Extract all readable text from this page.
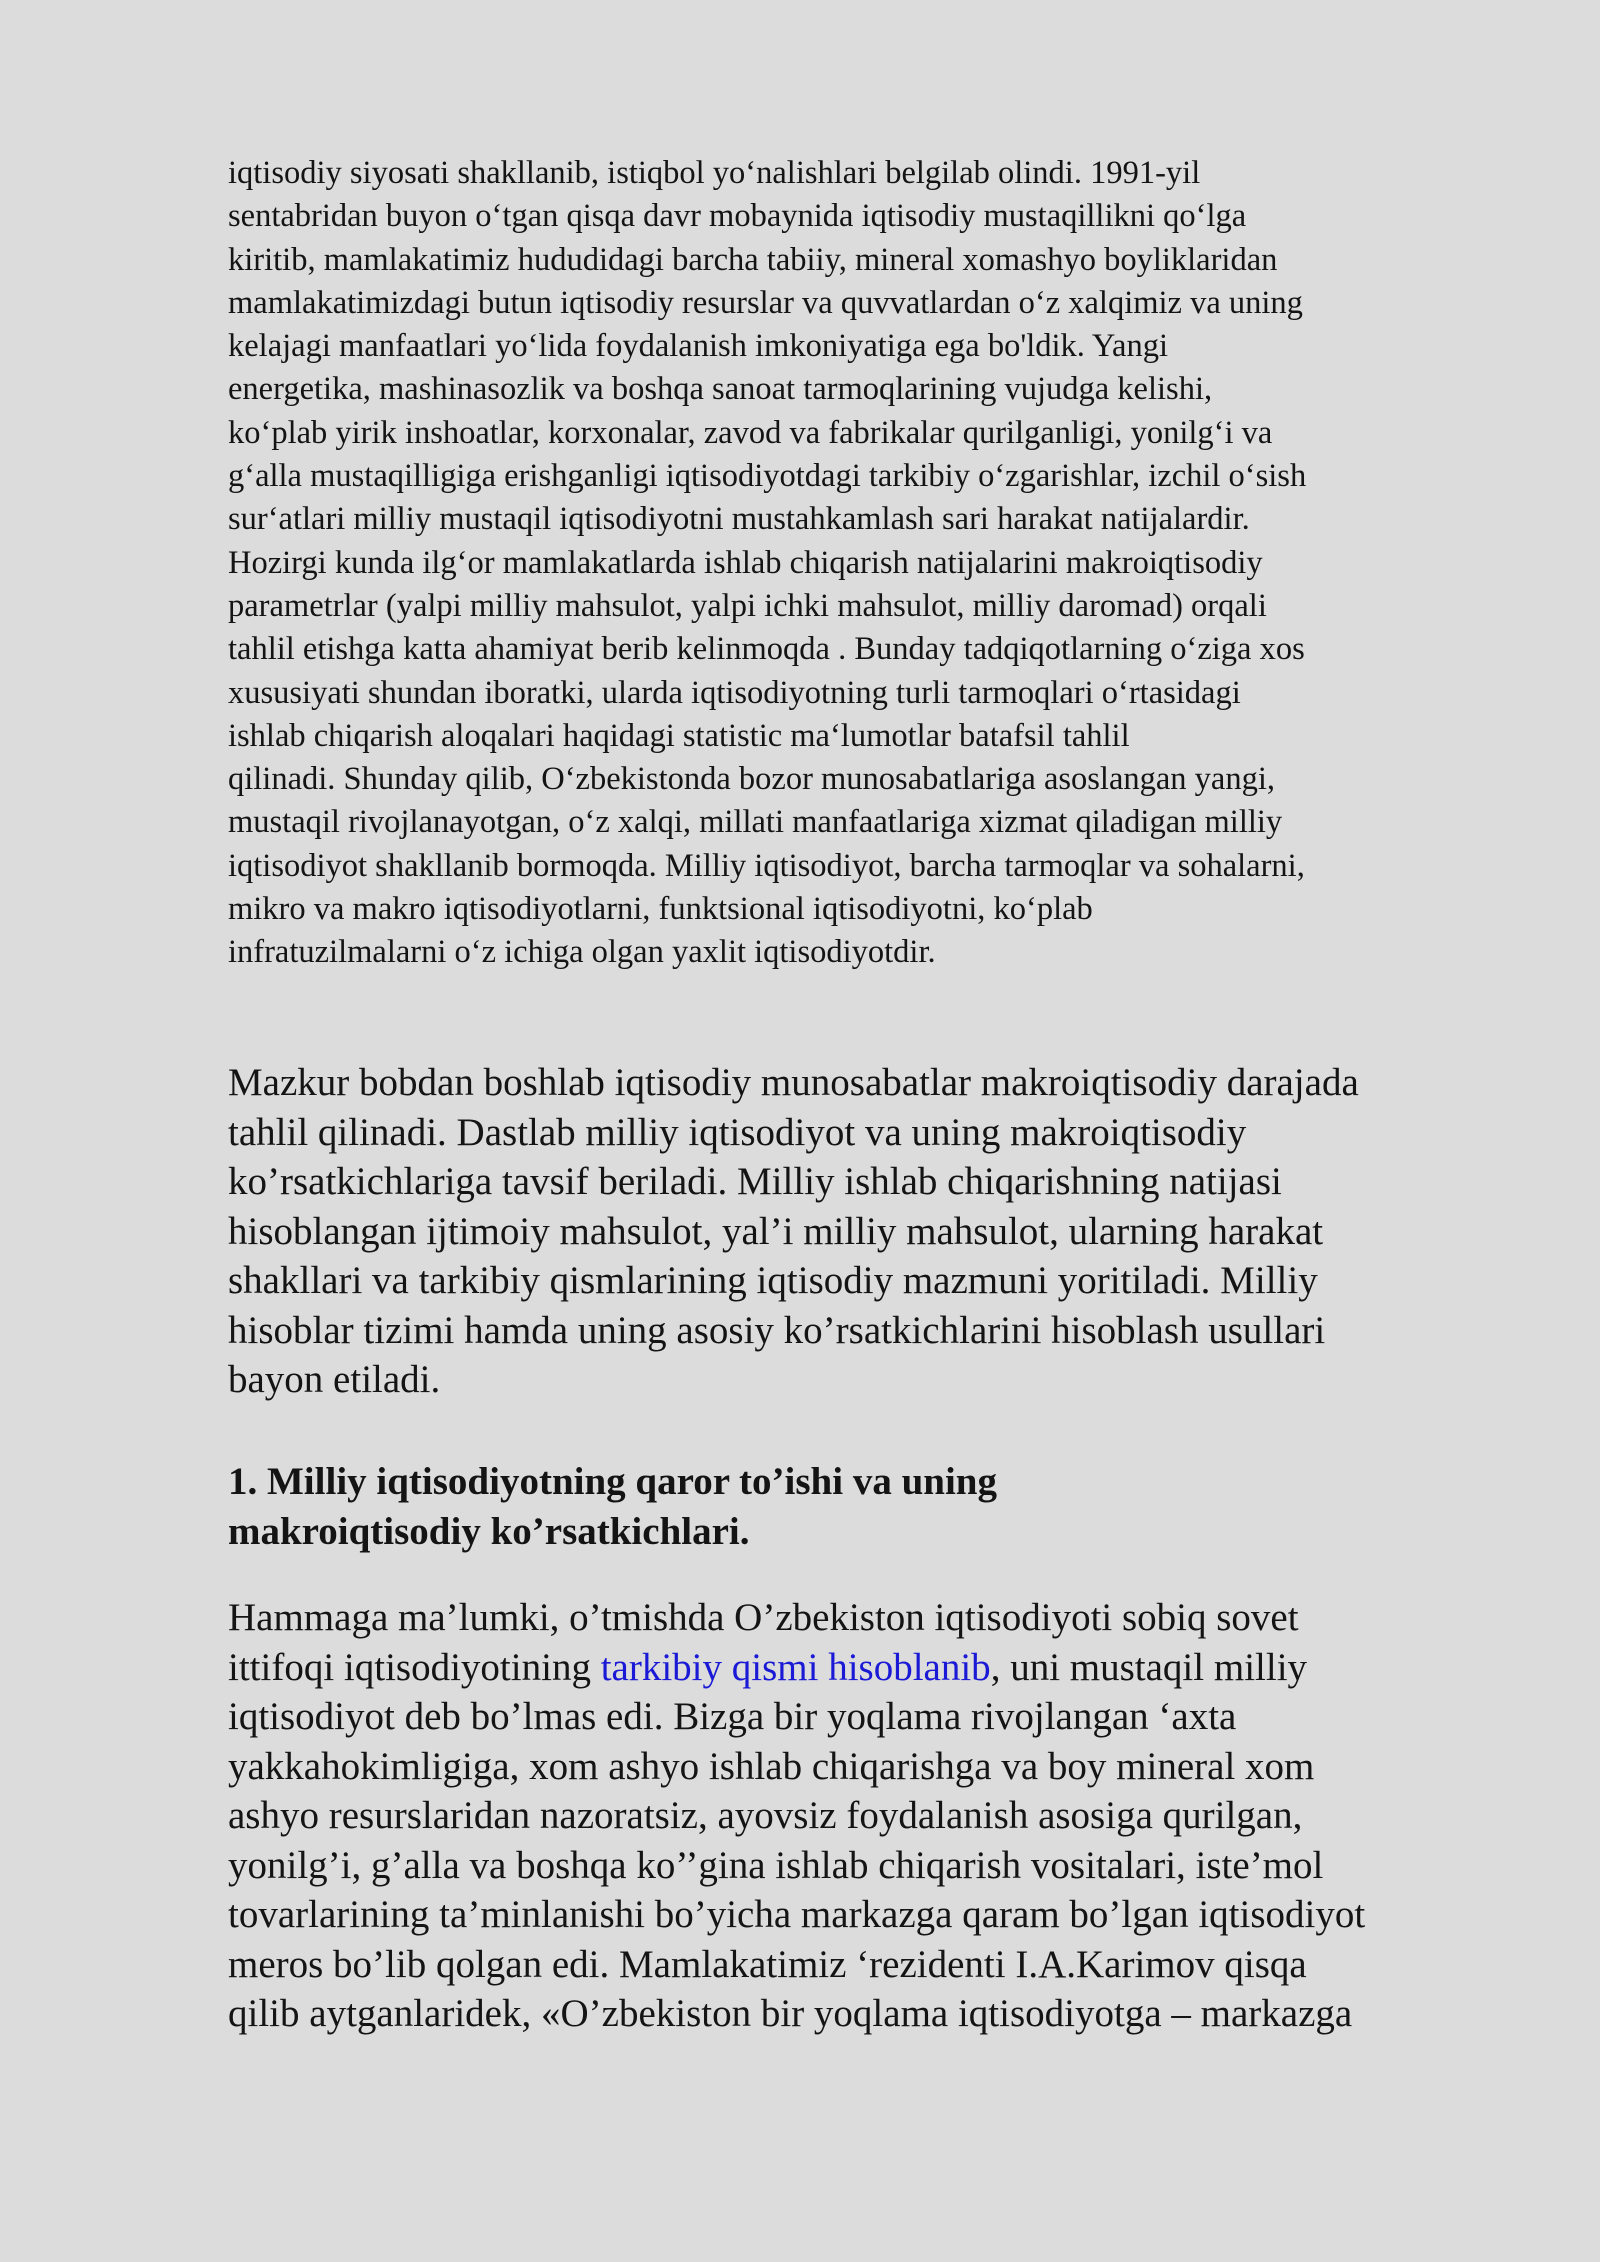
iqtisodiy siyosati shakllanib, istiqbol yo‘nalishlari belgilab olindi. 1991-yil
sentabridan buyon o‘tgan qisqa davr mobaynida iqtisodiy mustaqillikni qo‘lga
kiritib, mamlakatimiz hududidagi barcha tabiiy, mineral xomashyo boyliklaridan
mamlakatimizdagi butun iqtisodiy resurslar va quvvatlardan o‘z xalqimiz va uning
kelajagi manfaatlari yo‘lida foydalanish imkoniyatiga ega bo'ldik. Yangi
energetika, mashinasozlik va boshqa sanoat tarmoqlarining vujudga kelishi,
ko‘plab yirik inshoatlar, korxonalar, zavod va fabrikalar qurilganligi, yonilg‘i va
g‘alla mustaqilligiga erishganligi iqtisodiyotdagi tarkibiy o‘zgarishlar, izchil o‘sish
sur‘atlari milliy mustaqil iqtisodiyotni mustahkamlash sari harakat natijalardir.
Hozirgi kunda ilg‘or mamlakatlarda ishlab chiqarish natijalarini makroiqtisodiy
parametrlar (yalpi milliy mahsulot, yalpi ichki mahsulot, milliy daromad) orqali
tahlil etishga katta ahamiyat berib kelinmoqda . Bunday tadqiqotlarning o‘ziga xos
xususiyati shundan iboratki, ularda iqtisodiyotning turli tarmoqlari o‘rtasidagi
ishlab chiqarish aloqalari haqidagi statistic ma‘lumotlar batafsil tahlil
qilinadi. Shunday qilib, O‘zbekistonda bozor munosabatlariga asoslangan yangi,
mustaqil rivojlanayotgan, o‘z xalqi, millati manfaatlariga xizmat qiladigan milliy
iqtisodiyot shakllanib bormoqda. Milliy iqtisodiyot, barcha tarmoqlar va sohalarni,
mikro va makro iqtisodiyotlarni, funktsional iqtisodiyotni, ko‘plab
infratuzilmalarni o‘z ichiga olgan yaxlit iqtisodiyotdir.
Mazkur bobdan boshlab iqtisodiy munosabatlar makroiqtisodiy darajada
tahlil qilinadi. Dastlab milliy iqtisodiyot va uning makroiqtisodiy
ko’rsatkichlariga tavsif beriladi. Milliy ishlab chiqarishning natijasi
hisoblangan ijtimoiy mahsulot, yal’i milliy mahsulot, ularning harakat
shakllari va tarkibiy qismlarining iqtisodiy mazmuni yoritiladi. Milliy
hisoblar tizimi hamda uning asosiy ko’rsatkichlarini hisoblash usullari
bayon etiladi.
1. Milliy iqtisodiyotning qaror to’ishi va uning
makroiqtisodiy ko’rsatkichlari.
Hammaga ma’lumki, o’tmishda O’zbekiston iqtisodiyoti sobiq sovet
ittifoqi iqtisodiyotining tarkibiy qismi hisoblanib, uni mustaqil milliy
iqtisodiyot deb bo’lmas edi. Bizga bir yoqlama rivojlangan ‘axta
yakkahokimligiga, xom ashyo ishlab chiqarishga va boy mineral xom
ashyo resurslaridan nazoratsiz, ayovsiz foydalanish asosiga qurilgan,
yonilg’i, g’alla va boshqa ko’’gina ishlab chiqarish vositalari, iste’mol
tovarlarining ta’minlanishi bo’yicha markazga qaram bo’lgan iqtisodiyot
meros bo’lib qolgan edi. Mamlakatimiz ‘rezidenti I.A.Karimov qisqa
qilib aytganlaridek, «O’zbekiston bir yoqlama iqtisodiyotga – markazga
